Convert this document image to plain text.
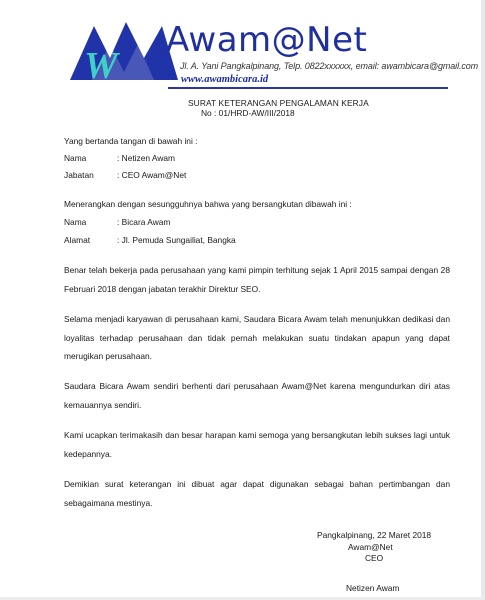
W
Awam@Net
Jl. A. Yani Pangkalpinang, Telp. 0822xxxxxx, email: awambicara@gmail.com
www.awambicara.id
SURAT KETERANGAN PENGALAMAN KERJA
No : 01/HRD-AW/III/2018
Yang bertanda tangan di bawah ini :
Nama	: Netizen Awam
Jabatan	: CEO Awam@Net
Menerangkan dengan sesungguhnya bahwa yang bersangkutan dibawah ini :
Nama	: Bicara Awam
Alamat	: Jl. Pemuda Sungailiat, Bangka
Benar telah bekerja pada perusahaan yang kami pimpin terhitung sejak 1 April 2015 sampai dengan 28 Februari 2018 dengan jabatan terakhir Direktur SEO.
Selama menjadi karyawan di perusahaan kami, Saudara Bicara Awam telah menunjukkan dedikasi dan loyalitas terhadap perusahaan dan tidak pernah melakukan suatu tindakan apapun yang dapat merugikan perusahaan.
Saudara Bicara Awam sendiri berhenti dari perusahaan Awam@Net karena mengundurkan diri atas kemauannya sendiri.
Kami ucapkan terimakasih dan besar harapan kami semoga yang bersangkutan lebih sukses lagi untuk kedepannya.
Demikian surat keterangan ini dibuat agar dapat digunakan sebagai bahan pertimbangan dan sebagaimana mestinya.
Pangkalpinang, 22 Maret 2018
Awam@Net
CEO
Netizen Awam
